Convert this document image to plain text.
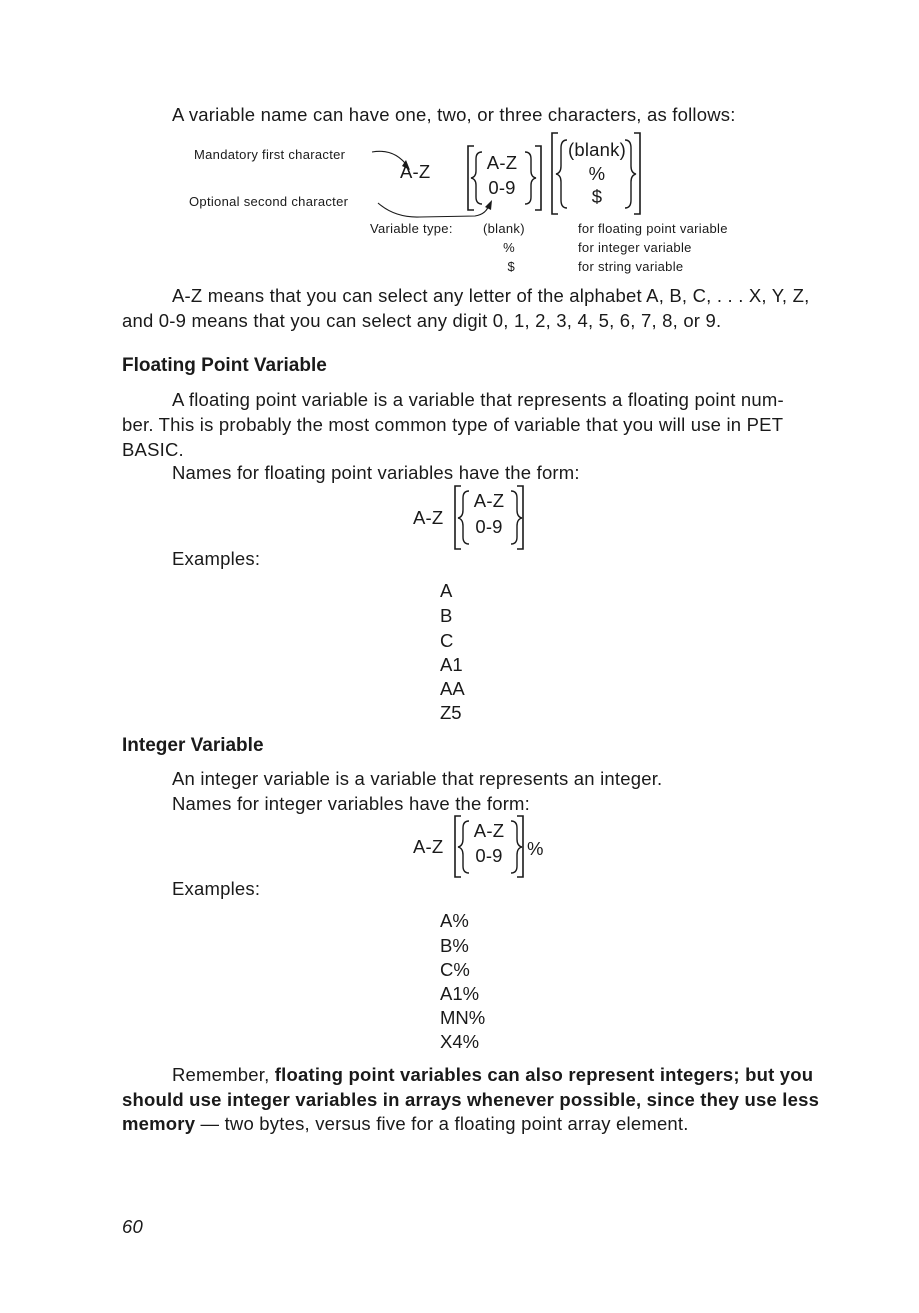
A variable name can have one, two, or three characters, as follows:
Mandatory first character
Optional second character
A-Z	A-Z
0-9
(blank)
%
$
Variable type: (blank)
%
$
for floating point variable
for integer variable
for string variable
A-Z means that you can select any letter of the alphabet A, B, C, . . . X, Y, Z,
and 0-9 means that you can select any digit 0, 1, 2, 3, 4, 5, 6, 7, 8, or 9.
Floating Point Variable
A floating point variable is a variable that represents a floating point num-
ber. This is probably the most common type of variable that you will use in PET
BASIC.
Names for floating point variables have the form:
A-Z
A-Z
0-9
Examples:
A
B
C
A1
AA
Z5
Integer Variable
An integer variable is a variable that represents an integer.
Names for integer variables have the form:
A-Z
A-Z
0-9	%
Examples:
A%
B%
C%
A1%
MN%
X4%
Remember, floating point variables can also represent integers; but you
should use integer variables in arrays whenever possible, since they use less
memory — two bytes, versus five for a floating point array element.
60
